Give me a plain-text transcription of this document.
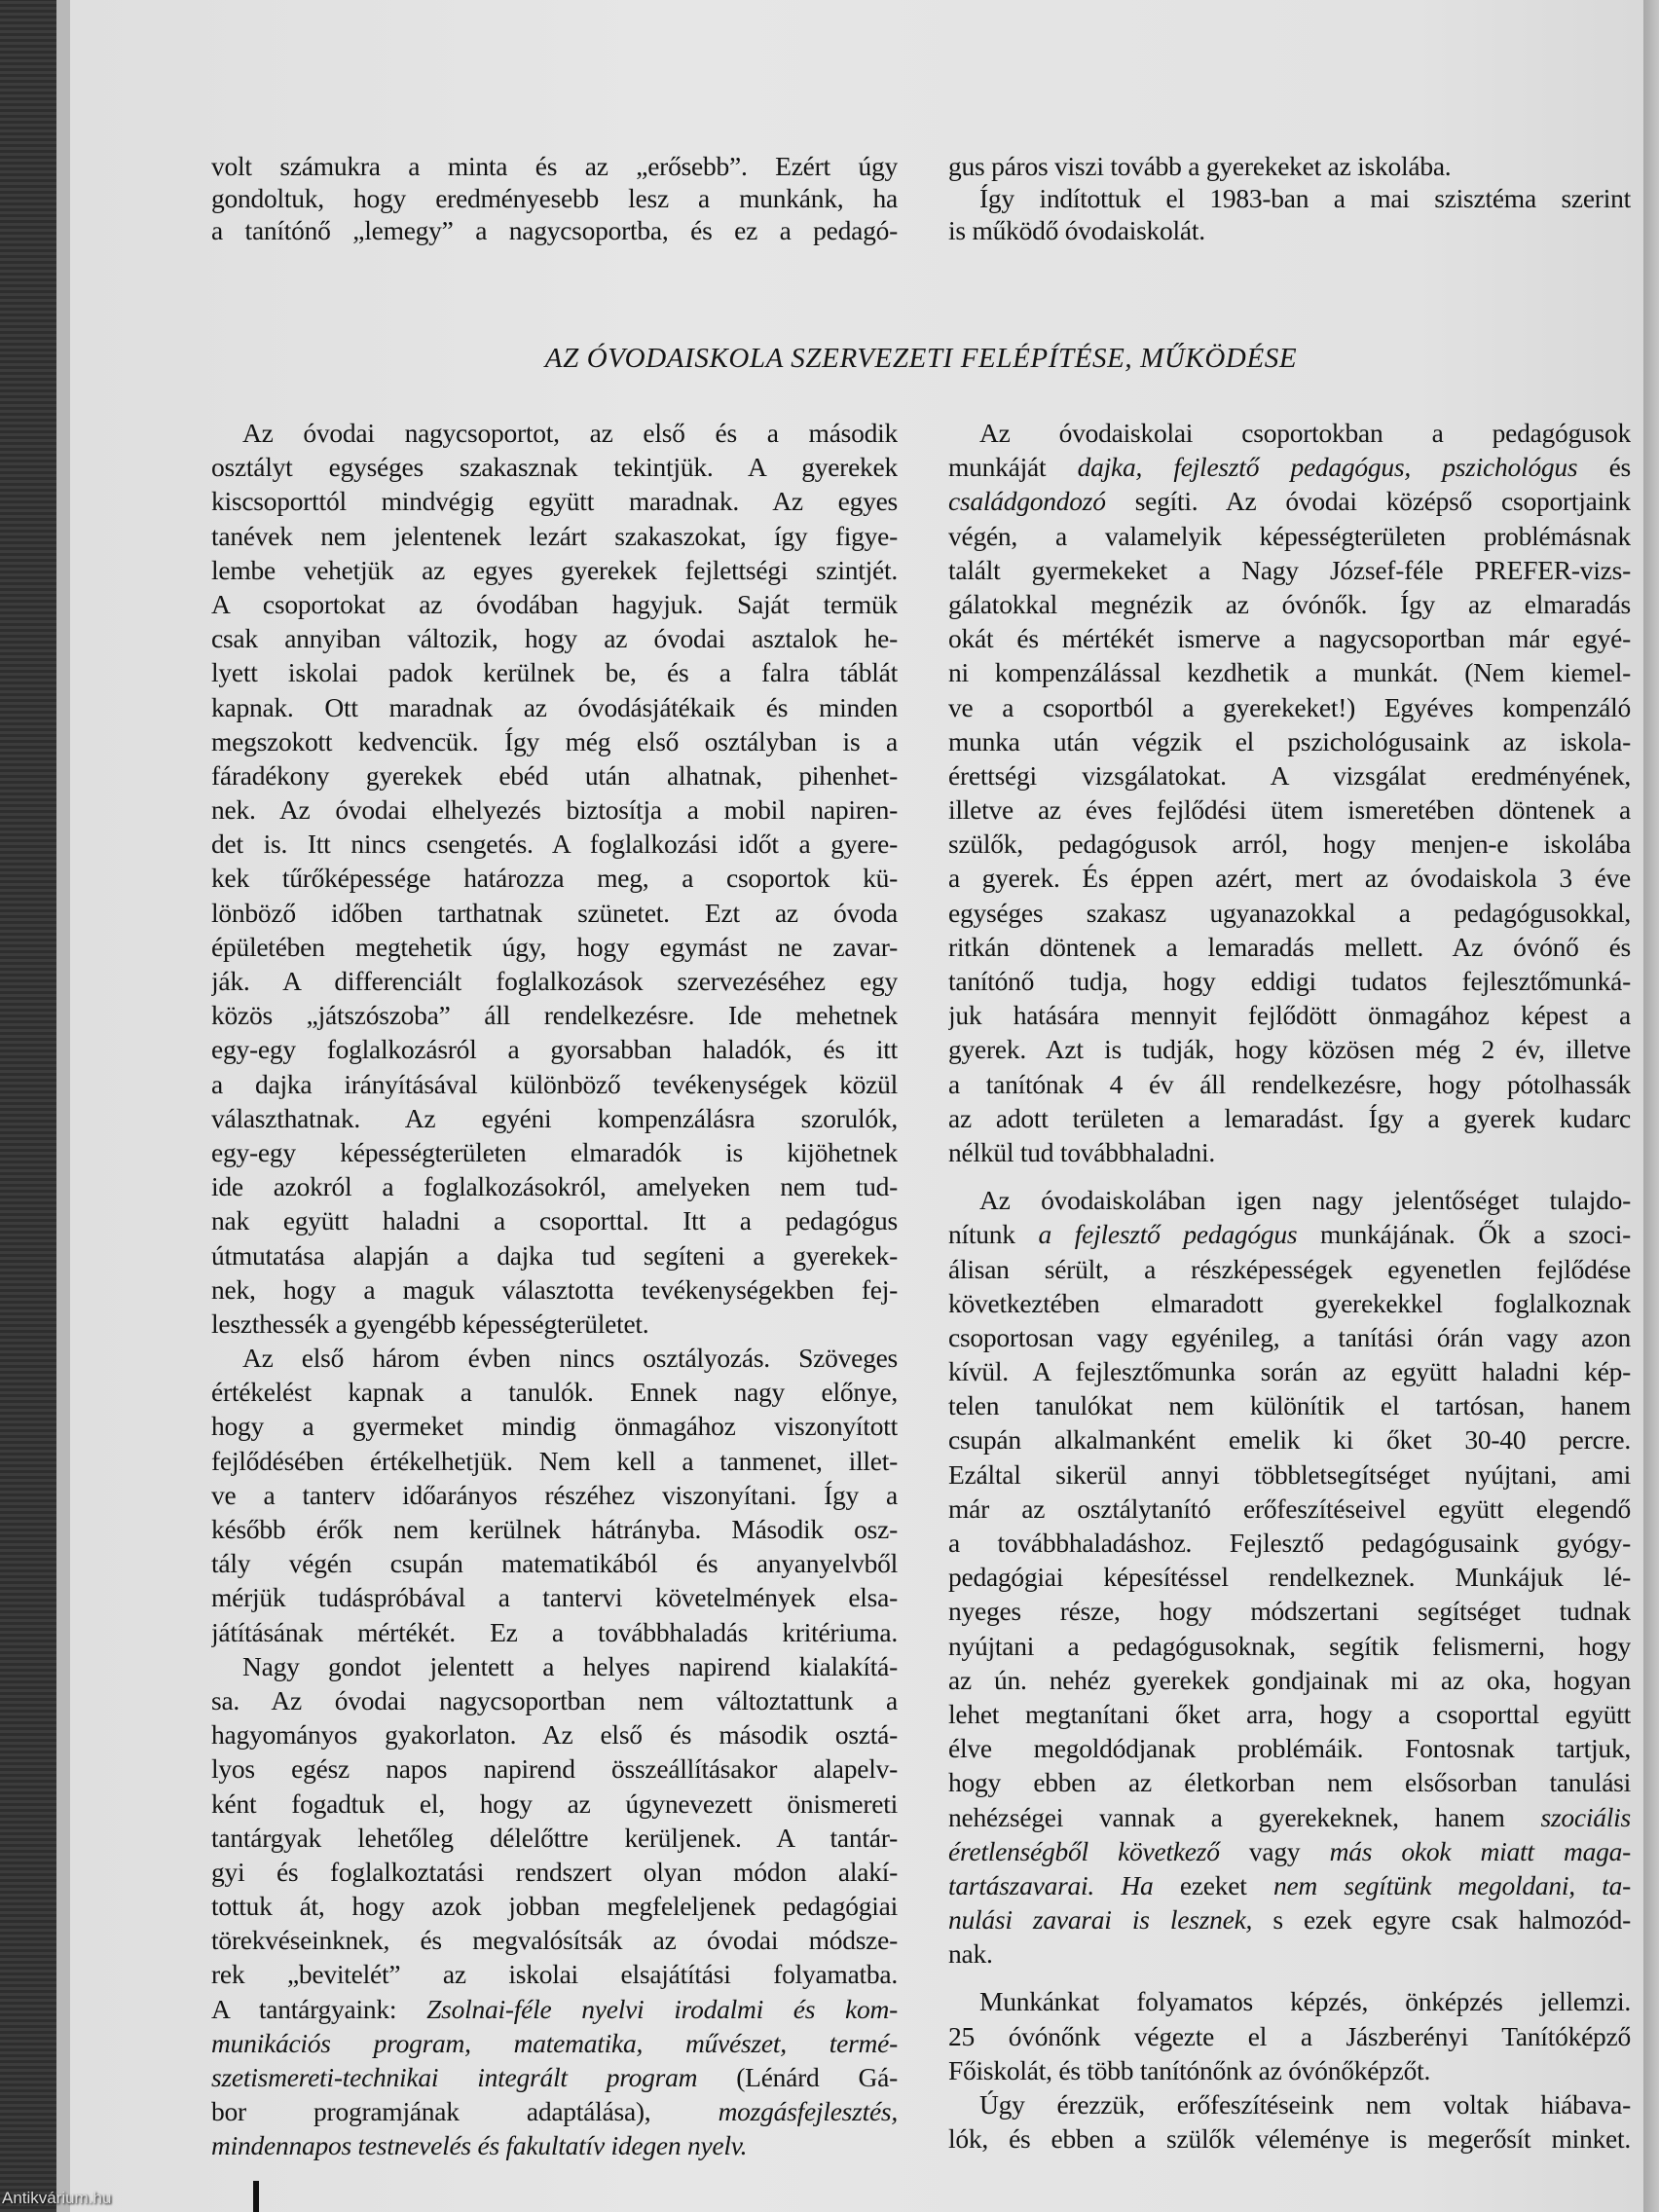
volt számukra a minta és az „erősebb”. Ezért úgy
gondoltuk, hogy eredményesebb lesz a munkánk, ha
a tanítónő „lemegy” a nagycsoportba, és ez a pedagó-
gus páros viszi tovább a gyerekeket az iskolába.
Így indítottuk el 1983-ban a mai szisztéma szerint
is működő óvodaiskolát.
AZ ÓVODAISKOLA SZERVEZETI FELÉPÍTÉSE, MŰKÖDÉSE
Az óvodai nagycsoportot, az első és a második
osztályt egységes szakasznak tekintjük. A gyerekek
kiscsoporttól mindvégig együtt maradnak. Az egyes
tanévek nem jelentenek lezárt szakaszokat, így figye-
lembe vehetjük az egyes gyerekek fejlettségi szintjét.
A csoportokat az óvodában hagyjuk. Saját termük
csak annyiban változik, hogy az óvodai asztalok he-
lyett iskolai padok kerülnek be, és a falra táblát
kapnak. Ott maradnak az óvodásjátékaik és minden
megszokott kedvencük. Így még első osztályban is a
fáradékony gyerekek ebéd után alhatnak, pihenhet-
nek. Az óvodai elhelyezés biztosítja a mobil napiren-
det is. Itt nincs csengetés. A foglalkozási időt a gyere-
kek tűrőképessége határozza meg, a csoportok kü-
lönböző időben tarthatnak szünetet. Ezt az óvoda
épületében megtehetik úgy, hogy egymást ne zavar-
ják. A differenciált foglalkozások szervezéséhez egy
közös „játszószoba” áll rendelkezésre. Ide mehetnek
egy-egy foglalkozásról a gyorsabban haladók, és itt
a dajka irányításával különböző tevékenységek közül
választhatnak. Az egyéni kompenzálásra szorulók,
egy-egy képességterületen elmaradók is kijöhetnek
ide azokról a foglalkozásokról, amelyeken nem tud-
nak együtt haladni a csoporttal. Itt a pedagógus
útmutatása alapján a dajka tud segíteni a gyerekek-
nek, hogy a maguk választotta tevékenységekben fej-
leszthessék a gyengébb képességterületet.
Az első három évben nincs osztályozás. Szöveges
értékelést kapnak a tanulók. Ennek nagy előnye,
hogy a gyermeket mindig önmagához viszonyított
fejlődésében értékelhetjük. Nem kell a tanmenet, illet-
ve a tanterv időarányos részéhez viszonyítani. Így a
később érők nem kerülnek hátrányba. Második osz-
tály végén csupán matematikából és anyanyelvből
mérjük tudáspróbával a tantervi követelmények elsa-
játításának mértékét. Ez a továbbhaladás kritériuma.
Nagy gondot jelentett a helyes napirend kialakítá-
sa. Az óvodai nagycsoportban nem változtattunk a
hagyományos gyakorlaton. Az első és második osztá-
lyos egész napos napirend összeállításakor alapelv-
ként fogadtuk el, hogy az úgynevezett önismereti
tantárgyak lehetőleg délelőttre kerüljenek. A tantár-
gyi és foglalkoztatási rendszert olyan módon alakí-
tottuk át, hogy azok jobban megfeleljenek pedagógiai
törekvéseinknek, és megvalósítsák az óvodai módsze-
rek „bevitelét” az iskolai elsajátítási folyamatba.
A tantárgyaink: Zsolnai-féle nyelvi irodalmi és kom-
munikációs program, matematika, művészet, termé-
szetismereti-technikai integrált program (Lénárd Gá-
bor programjának adaptálása), mozgásfejlesztés,
mindennapos testnevelés és fakultatív idegen nyelv.
Az óvodaiskolai csoportokban a pedagógusok
munkáját dajka, fejlesztő pedagógus, pszichológus és
családgondozó segíti. Az óvodai középső csoportjaink
végén, a valamelyik képességterületen problémásnak
talált gyermekeket a Nagy József-féle PREFER-vizs-
gálatokkal megnézik az óvónők. Így az elmaradás
okát és mértékét ismerve a nagycsoportban már egyé-
ni kompenzálással kezdhetik a munkát. (Nem kiemel-
ve a csoportból a gyerekeket!) Egyéves kompenzáló
munka után végzik el pszichológusaink az iskola-
érettségi vizsgálatokat. A vizsgálat eredményének,
illetve az éves fejlődési ütem ismeretében döntenek a
szülők, pedagógusok arról, hogy menjen-e iskolába
a gyerek. És éppen azért, mert az óvodaiskola 3 éve
egységes szakasz ugyanazokkal a pedagógusokkal,
ritkán döntenek a lemaradás mellett. Az óvónő és
tanítónő tudja, hogy eddigi tudatos fejlesztőmunká-
juk hatására mennyit fejlődött önmagához képest a
gyerek. Azt is tudják, hogy közösen még 2 év, illetve
a tanítónak 4 év áll rendelkezésre, hogy pótolhassák
az adott területen a lemaradást. Így a gyerek kudarc
nélkül tud továbbhaladni.
Az óvodaiskolában igen nagy jelentőséget tulajdo-
nítunk a fejlesztő pedagógus munkájának. Ők a szoci-
álisan sérült, a részképességek egyenetlen fejlődése
következtében elmaradott gyerekekkel foglalkoznak
csoportosan vagy egyénileg, a tanítási órán vagy azon
kívül. A fejlesztőmunka során az együtt haladni kép-
telen tanulókat nem különítik el tartósan, hanem
csupán alkalmanként emelik ki őket 30-40 percre.
Ezáltal sikerül annyi többletsegítséget nyújtani, ami
már az osztálytanító erőfeszítéseivel együtt elegendő
a továbbhaladáshoz. Fejlesztő pedagógusaink gyógy-
pedagógiai képesítéssel rendelkeznek. Munkájuk lé-
nyeges része, hogy módszertani segítséget tudnak
nyújtani a pedagógusoknak, segítik felismerni, hogy
az ún. nehéz gyerekek gondjainak mi az oka, hogyan
lehet megtanítani őket arra, hogy a csoporttal együtt
élve megoldódjanak problémáik. Fontosnak tartjuk,
hogy ebben az életkorban nem elsősorban tanulási
nehézségei vannak a gyerekeknek, hanem szociális
éretlenségből következő vagy más okok miatt maga-
tartászavarai. Ha ezeket nem segítünk megoldani, ta-
nulási zavarai is lesznek, s ezek egyre csak halmozód-
nak.
Munkánkat folyamatos képzés, önképzés jellemzi.
25 óvónőnk végezte el a Jászberényi Tanítóképző
Főiskolát, és több tanítónőnk az óvónőképzőt.
Úgy érezzük, erőfeszítéseink nem voltak hiábava-
lók, és ebben a szülők véleménye is megerősít minket.
Antikvárium.hu
